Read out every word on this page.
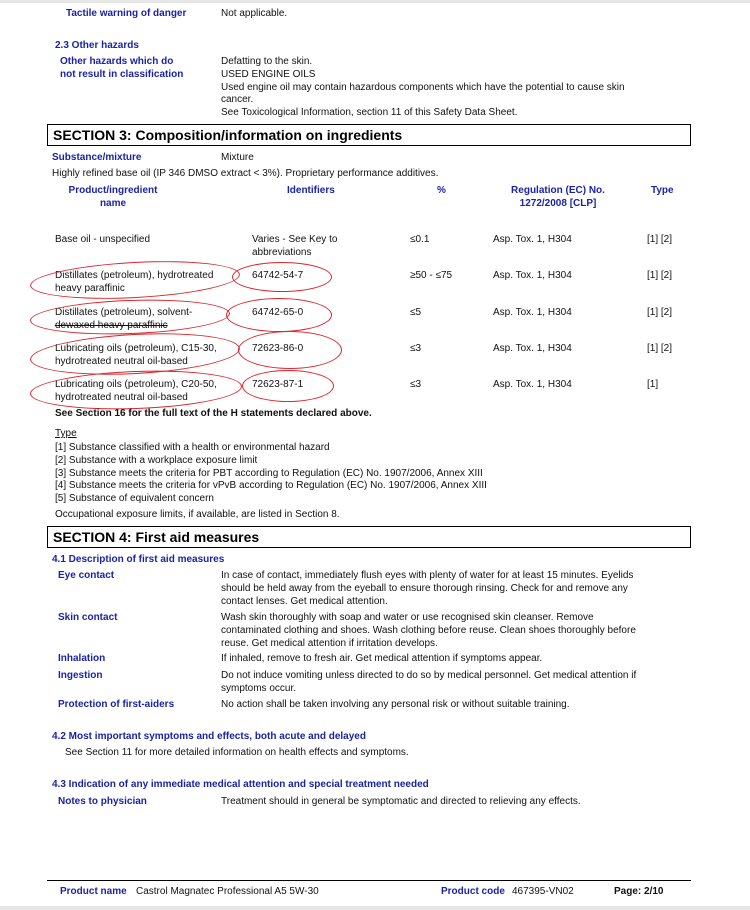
Tactile warning of danger	Not applicable.
2.3 Other hazards
Other hazards which do
not result in classification
Defatting to the skin.
USED ENGINE OILS
Used engine oil may contain hazardous components which have the potential to cause skin
cancer.
See Toxicological Information, section 11 of this Safety Data Sheet.
SECTION 3: Composition/information on ingredients
Substance/mixture	Mixture
Highly refined base oil (IP 346 DMSO extract < 3%). Proprietary performance additives.
Product/ingredient
name
Identifiers	%	Regulation (EC) No.
1272/2008 [CLP]
Type
Base oil - unspecified	Varies - See Key to
abbreviations
≤0.1	Asp. Tox. 1, H304	[1] [2]
Distillates (petroleum), hydrotreated
heavy paraffinic
64742-54-7	≥50 - ≤75	Asp. Tox. 1, H304	[1] [2]
Distillates (petroleum), solvent-
dewaxed heavy paraffinic
64742-65-0	≤5	Asp. Tox. 1, H304	[1] [2]
Lubricating oils (petroleum), C15-30,
hydrotreated neutral oil-based
72623-86-0	≤3	Asp. Tox. 1, H304	[1] [2]
Lubricating oils (petroleum), C20-50,
hydrotreated neutral oil-based
72623-87-1	≤3	Asp. Tox. 1, H304	[1]
See Section 16 for the full text of the H statements declared above.
Type
[1] Substance classified with a health or environmental hazard
[2] Substance with a workplace exposure limit
[3] Substance meets the criteria for PBT according to Regulation (EC) No. 1907/2006, Annex XIII
[4] Substance meets the criteria for vPvB according to Regulation (EC) No. 1907/2006, Annex XIII
[5] Substance of equivalent concern
Occupational exposure limits, if available, are listed in Section 8.
SECTION 4: First aid measures
4.1 Description of first aid measures
Eye contact	In case of contact, immediately flush eyes with plenty of water for at least 15 minutes. Eyelids
should be held away from the eyeball to ensure thorough rinsing. Check for and remove any
contact lenses. Get medical attention.
Skin contact	Wash skin thoroughly with soap and water or use recognised skin cleanser. Remove
contaminated clothing and shoes. Wash clothing before reuse. Clean shoes thoroughly before
reuse. Get medical attention if irritation develops.
Inhalation	If inhaled, remove to fresh air. Get medical attention if symptoms appear.
Ingestion	Do not induce vomiting unless directed to do so by medical personnel. Get medical attention if
symptoms occur.
Protection of first-aiders	No action shall be taken involving any personal risk or without suitable training.
4.2 Most important symptoms and effects, both acute and delayed
See Section 11 for more detailed information on health effects and symptoms.
4.3 Indication of any immediate medical attention and special treatment needed
Notes to physician	Treatment should in general be symptomatic and directed to relieving any effects.
Product name Castrol Magnatec Professional A5 5W-30	Product code 467395-VN02	Page: 2/10
